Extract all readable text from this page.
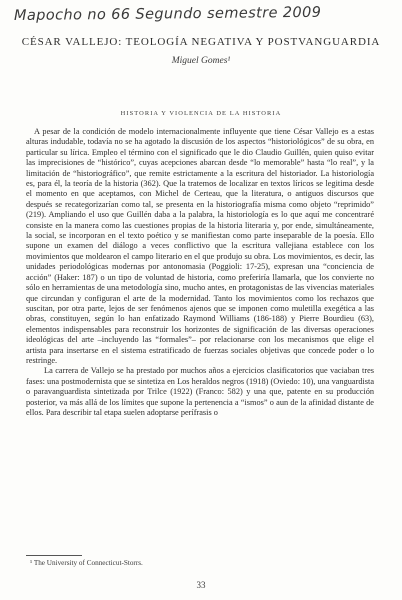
Mapocho no 66 Segundo semestre 2009
CÉSAR VALLEJO: TEOLOGÍA NEGATIVA Y POSTVANGUARDIA
Miguel Gomes¹
HISTORIA Y VIOLENCIA DE LA HISTORIA

A pesar de la condición de modelo internacionalmente influyente que tiene César Vallejo es a estas alturas indudable, todavía no se ha agotado la discusión de los aspectos “historiológicos” de su obra, en particular su lírica. Empleo el término con el significado que le dio Claudio Guillén, quien quiso evitar las imprecisiones de “histórico”, cuyas acepciones abarcan desde “lo memorable” hasta “lo real”, y la limitación de “historiográfico”, que remite estrictamente a la escritura del historiador. La historiología es, para él, la teoría de la historia (362). Que la tratemos de localizar en textos líricos se legitima desde el momento en que aceptamos, con Michel de Certeau, que la literatura, o antiguos discursos que después se recategorizarían como tal, se presenta en la historiografía misma como objeto “reprimido” (219). Ampliando el uso que Guillén daba a la palabra, la historiología es lo que aquí me concentraré consiste en la manera como las cuestiones propias de la historia literaria y, por ende, simultáneamente, la social, se incorporan en el texto poético y se manifiestan como parte inseparable de la poesía. Ello supone un examen del diálogo a veces conflictivo que la escritura vallejiana establece con los movimientos que moldearon el campo literario en el que produjo su obra. Los movimientos, es decir, las unidades periodológicas modernas por antonomasia (Poggioli: 17-25), expresan una “conciencia de acción” (Haker: 187) o un tipo de voluntad de historia, como preferiría llamarla, que los convierte no sólo en herramientas de una metodología sino, mucho antes, en protagonistas de las vivencias materiales que circundan y configuran el arte de la modernidad. Tanto los movimientos como los rechazos que suscitan, por otra parte, lejos de ser fenómenos ajenos que se imponen como muletilla exegética a las obras, constituyen, según lo han enfatizado Raymond Williams (186-188) y Pierre Bourdieu (63), elementos indispensables para reconstruir los horizontes de significación de las diversas operaciones ideológicas del arte –incluyendo las “formales”– por relacionarse con los mecanismos que elige el artista para insertarse en el sistema estratificado de fuerzas sociales objetivas que concede poder o lo restringe.

La carrera de Vallejo se ha prestado por muchos años a ejercicios clasificatorios que vaciaban tres fases: una postmodernista que se sintetiza en Los heraldos negros (1918) (Oviedo: 10), una vanguardista o paravanguardista sintetizada por Trilce (1922) (Franco: 582) y una que, patente en su producción posterior, va más allá de los límites que supone la pertenencia a “ismos” o aun de la afinidad distante de ellos. Para describir tal etapa suelen adoptarse perífrasis o

¹ The University of Connecticut-Storrs.
33
